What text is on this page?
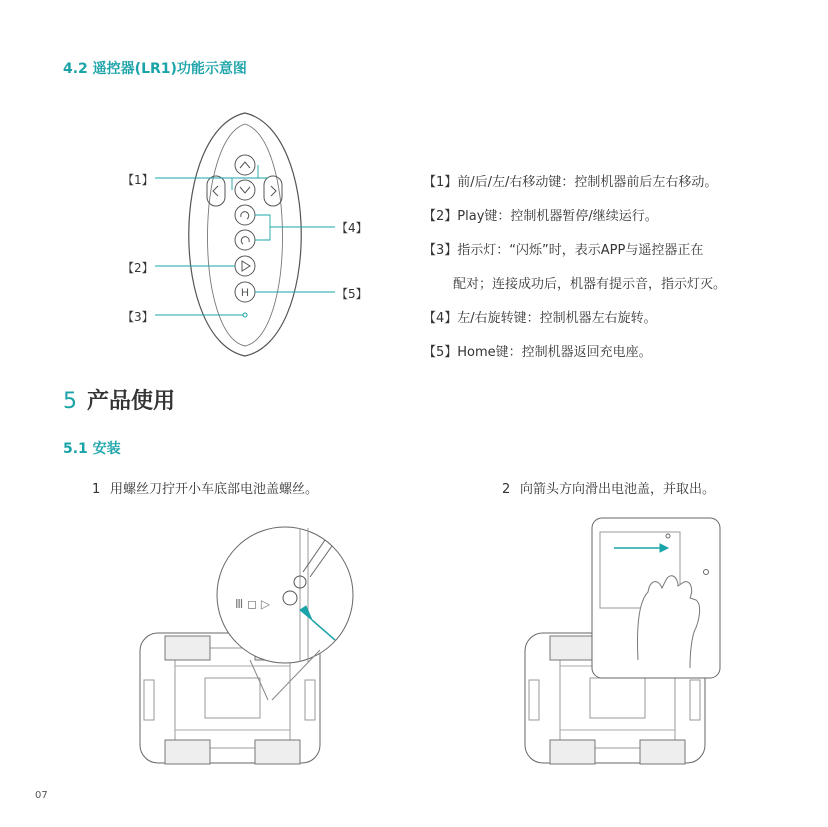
4.2 遥控器(LR1)功能示意图
H
Ⅲ ◻ ▷
【1】
【2】
【3】
【4】
【5】
【1】前/后/左/右移动键：控制机器前后左右移动。
【2】Play键：控制机器暂停/继续运行。
【3】指示灯：“闪烁”时，表示APP与遥控器正在
配对；连接成功后，机器有提示音，指示灯灭。
【4】左/右旋转键：控制机器左右旋转。
【5】Home键：控制机器返回充电座。
5 产品使用
5.1 安装
1 用螺丝刀拧开小车底部电池盖螺丝。	2 向箭头方向滑出电池盖，并取出。
07
